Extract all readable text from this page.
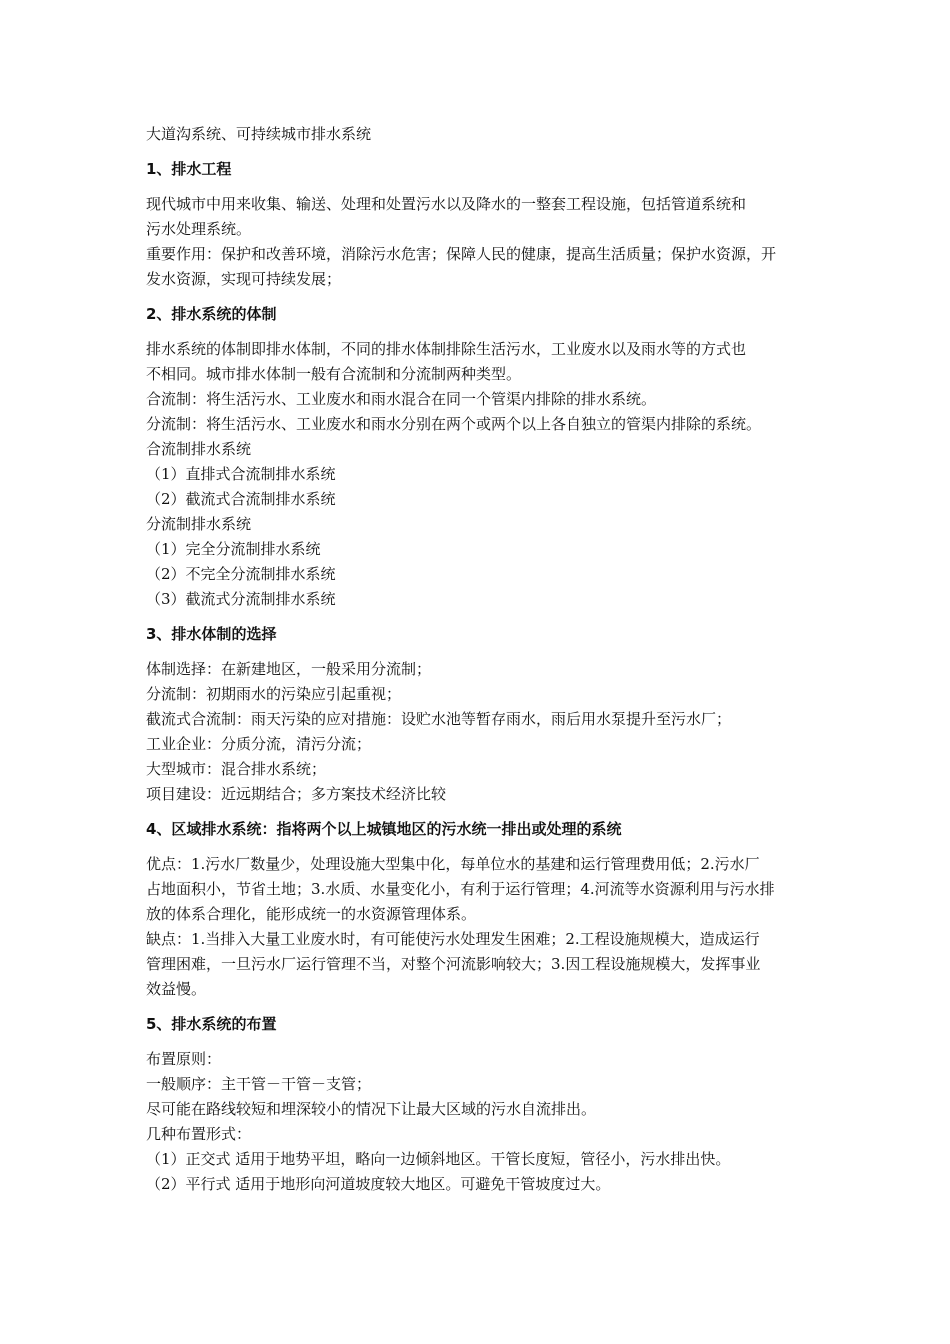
大道沟系统、可持续城市排水系统

1、排水工程

现代城市中用来收集、输送、处理和处置污水以及降水的一整套工程设施，包括管道系统和

污水处理系统。

重要作用：保护和改善环境，消除污水危害；保障人民的健康，提高生活质量；保护水资源，开

发水资源，实现可持续发展；

2、排水系统的体制

排水系统的体制即排水体制，不同的排水体制排除生活污水，工业废水以及雨水等的方式也

不相同。城市排水体制一般有合流制和分流制两种类型。

合流制：将生活污水、工业废水和雨水混合在同一个管渠内排除的排水系统。

分流制：将生活污水、工业废水和雨水分别在两个或两个以上各自独立的管渠内排除的系统。

合流制排水系统

（1）直排式合流制排水系统

（2）截流式合流制排水系统

分流制排水系统

（1）完全分流制排水系统

（2）不完全分流制排水系统

（3）截流式分流制排水系统

3、排水体制的选择

体制选择：在新建地区，一般采用分流制；

分流制：初期雨水的污染应引起重视；

截流式合流制：雨天污染的应对措施：设贮水池等暂存雨水，雨后用水泵提升至污水厂；

工业企业：分质分流，清污分流；

大型城市：混合排水系统；

项目建设：近远期结合；多方案技术经济比较

4、区域排水系统：指将两个以上城镇地区的污水统一排出或处理的系统

优点：1.污水厂数量少，处理设施大型集中化，每单位水的基建和运行管理费用低；2.污水厂

占地面积小，节省土地；3.水质、水量变化小，有利于运行管理；4.河流等水资源利用与污水排

放的体系合理化，能形成统一的水资源管理体系。

缺点：1.当排入大量工业废水时，有可能使污水处理发生困难；2.工程设施规模大，造成运行

管理困难，一旦污水厂运行管理不当，对整个河流影响较大；3.因工程设施规模大，发挥事业

效益慢。

5、排水系统的布置

布置原则：

一般顺序：主干管－干管－支管；

尽可能在路线较短和埋深较小的情况下让最大区域的污水自流排出。

几种布置形式：

（1）正交式 适用于地势平坦，略向一边倾斜地区。干管长度短，管径小，污水排出快。

（2）平行式 适用于地形向河道坡度较大地区。可避免干管坡度过大。
